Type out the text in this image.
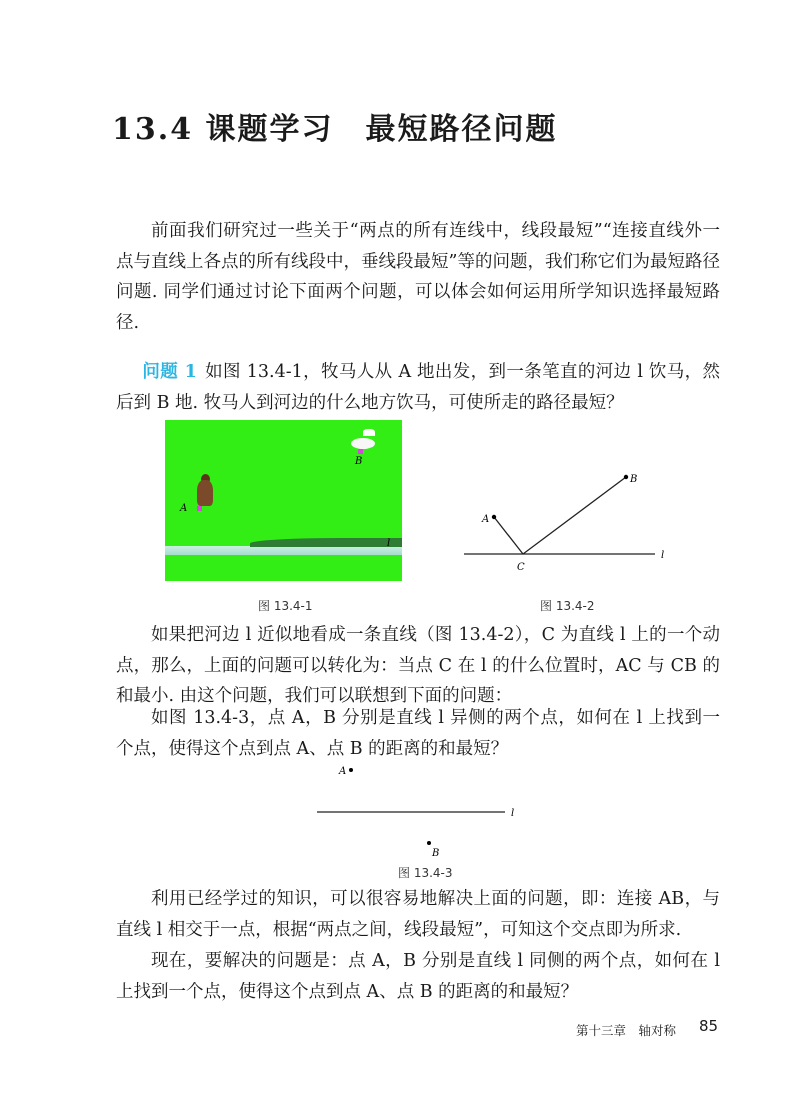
13.4 课题学习　最短路径问题

前面我们研究过一些关于“两点的所有连线中，线段最短”“连接直线外一点与直线上各点的所有线段中，垂线段最短”等的问题，我们称它们为最短路径问题. 同学们通过讨论下面两个问题，可以体会如何运用所学知识选择最短路径.

问题 1 如图 13.4-1，牧马人从 A 地出发，到一条笔直的河边 l 饮马，然后到 B 地. 牧马人到河边的什么地方饮马，可使所走的路径最短？

B
A
l

图 13.4-1

A
B
C
l

图 13.4-2

如果把河边 l 近似地看成一条直线（图 13.4-2），C 为直线 l 上的一个动点，那么，上面的问题可以转化为：当点 C 在 l 的什么位置时，AC 与 CB 的和最小. 由这个问题，我们可以联想到下面的问题：

如图 13.4-3，点 A，B 分别是直线 l 异侧的两个点，如何在 l 上找到一个点，使得这个点到点 A、点 B 的距离的和最短？

A
B
l

图 13.4-3

利用已经学过的知识，可以很容易地解决上面的问题，即：连接 AB，与直线 l 相交于一点，根据“两点之间，线段最短”，可知这个交点即为所求.

现在，要解决的问题是：点 A，B 分别是直线 l 同侧的两个点，如何在 l 上找到一个点，使得这个点到点 A、点 B 的距离的和最短？

第十三章　轴对称 85
